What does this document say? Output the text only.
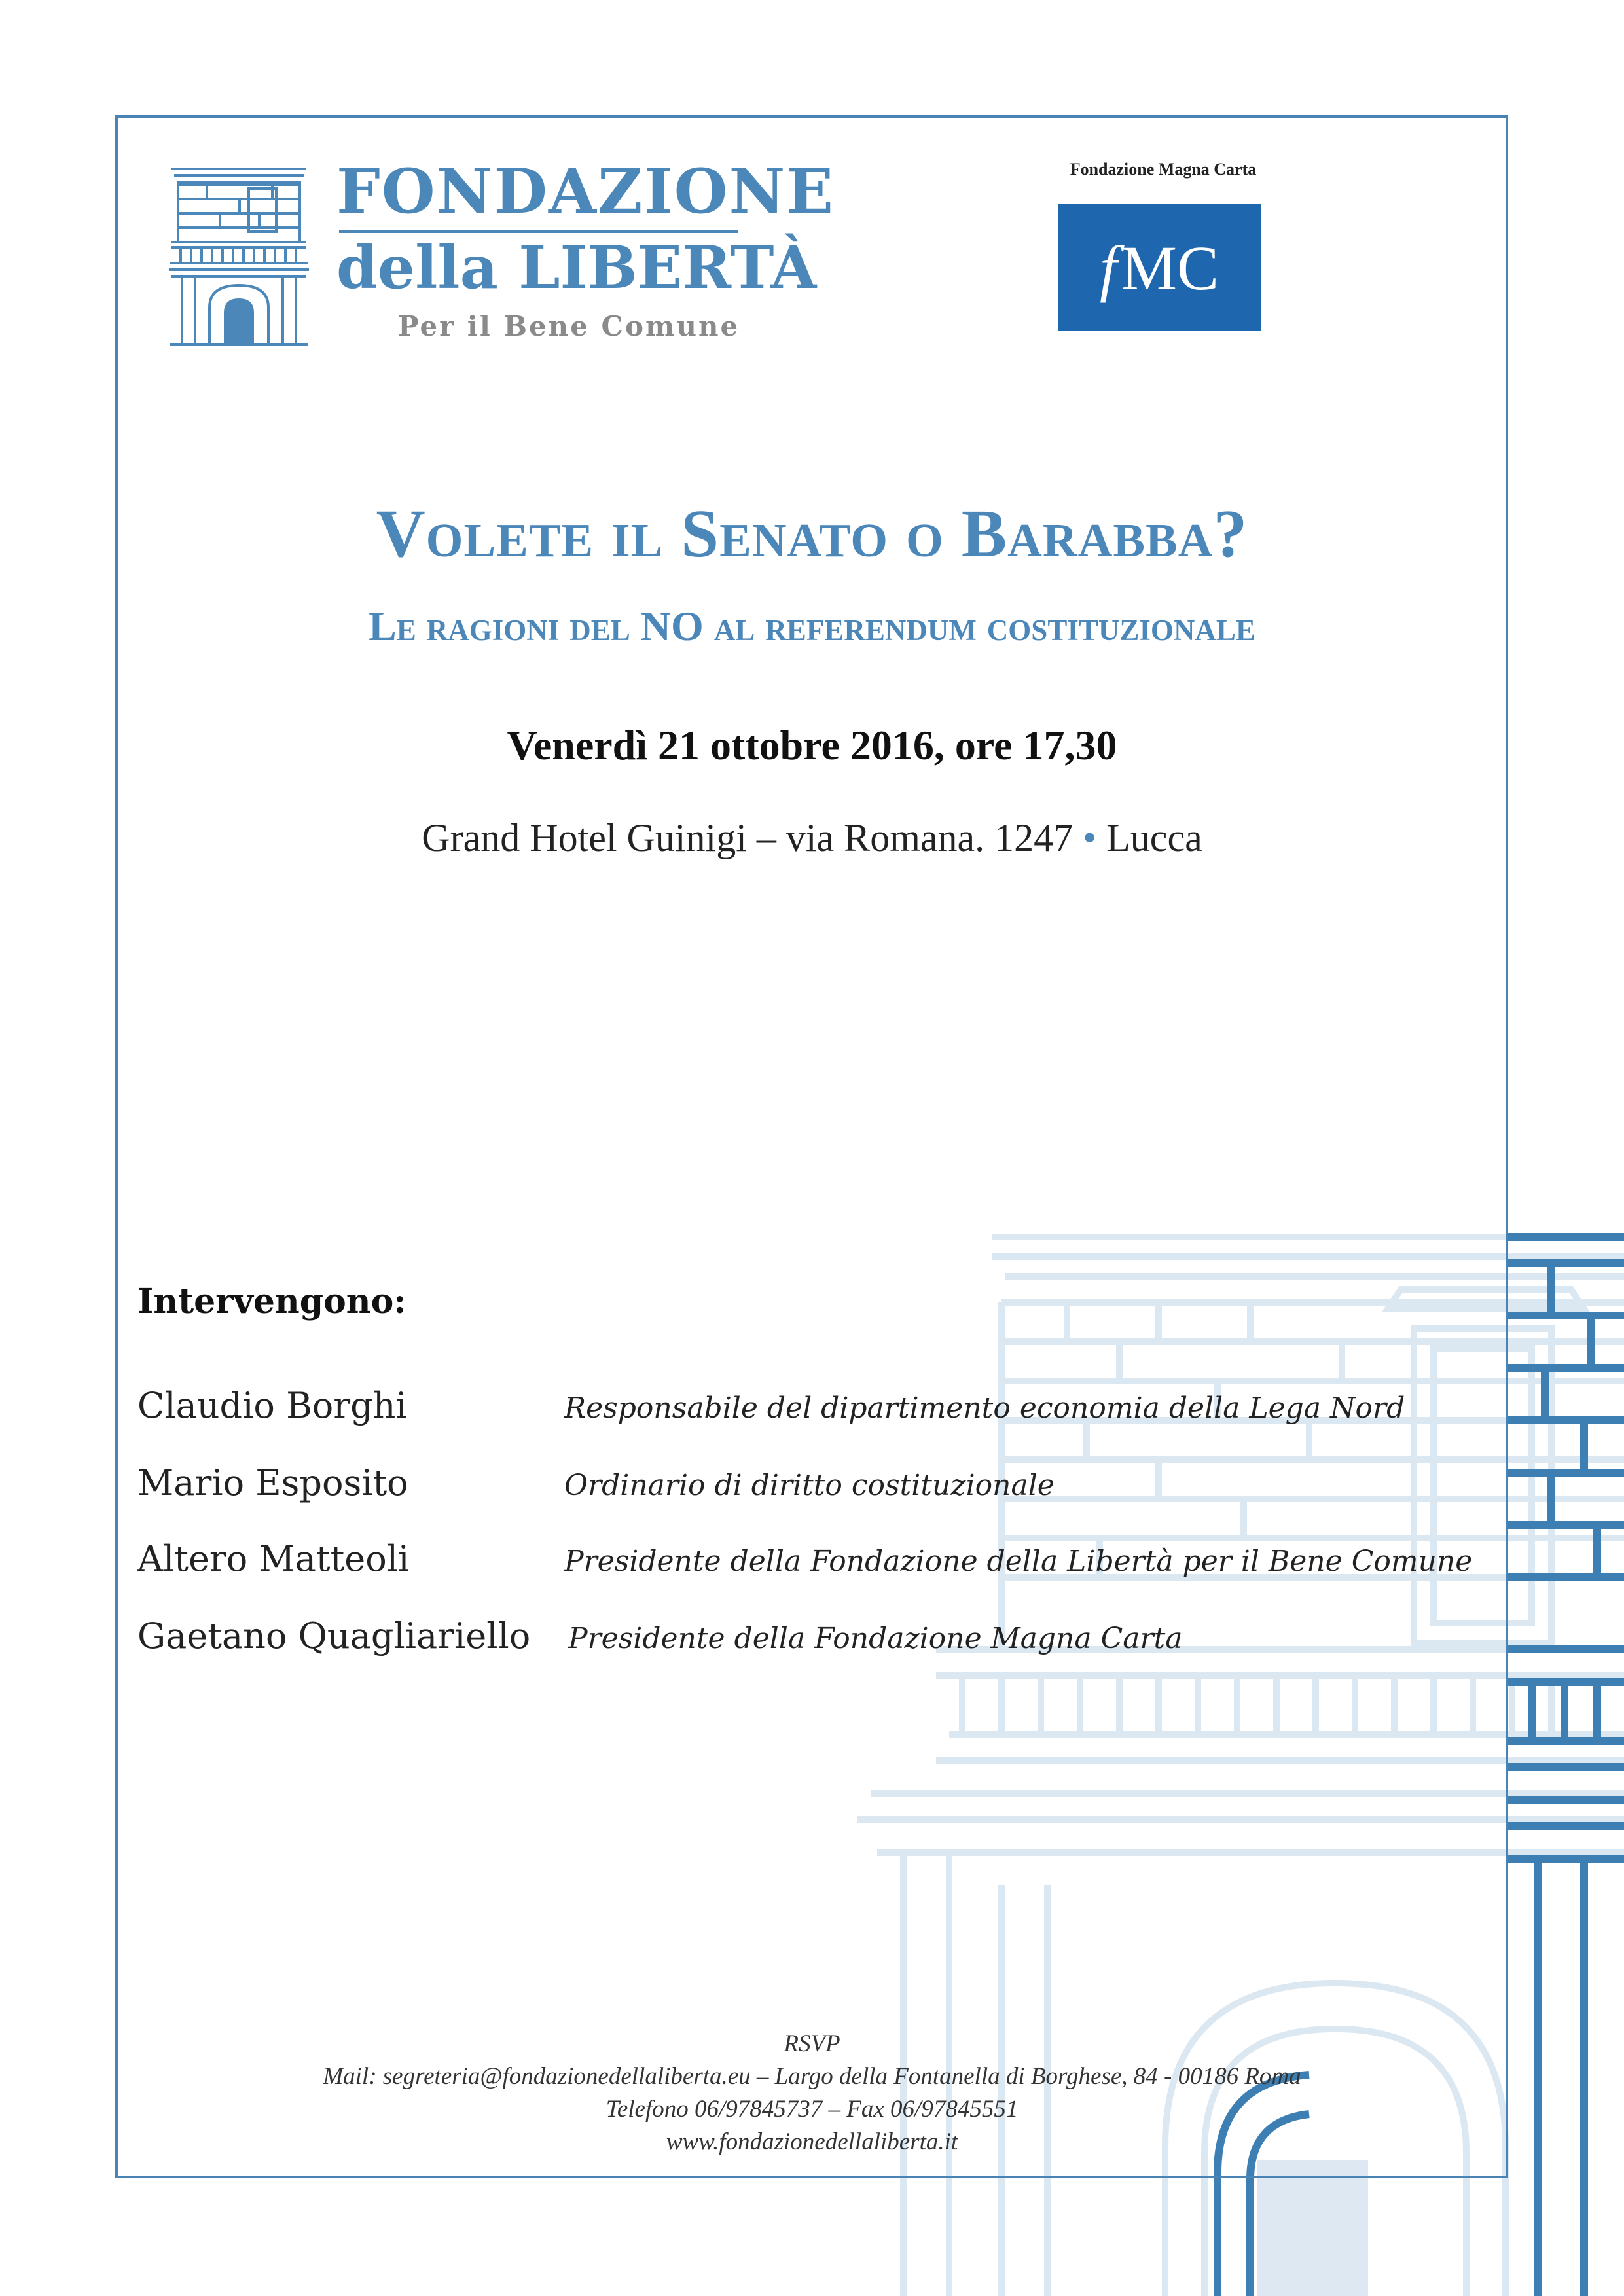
FONDAZIONE
della LIBERTÀ
Per il Bene Comune
Fondazione Magna Carta
f MC
Volete il Senato o Barabba?
Le ragioni del NO al referendum costituzionale
Venerdì 21 ottobre 2016, ore 17,30
Grand Hotel Guinigi – via Romana. 1247 • Lucca
Intervengono:
Claudio Borghi	Responsabile del dipartimento economia della Lega Nord
Mario Esposito	Ordinario di diritto costituzionale
Altero Matteoli	Presidente della Fondazione della Libertà per il Bene Comune
Gaetano Quagliariello Presidente della Fondazione Magna Carta
RSVP
Mail: segreteria@fondazionedellaliberta.eu – Largo della Fontanella di Borghese, 84 - 00186 Roma
Telefono 06/97845737 – Fax 06/97845551
www.fondazionedellaliberta.it
